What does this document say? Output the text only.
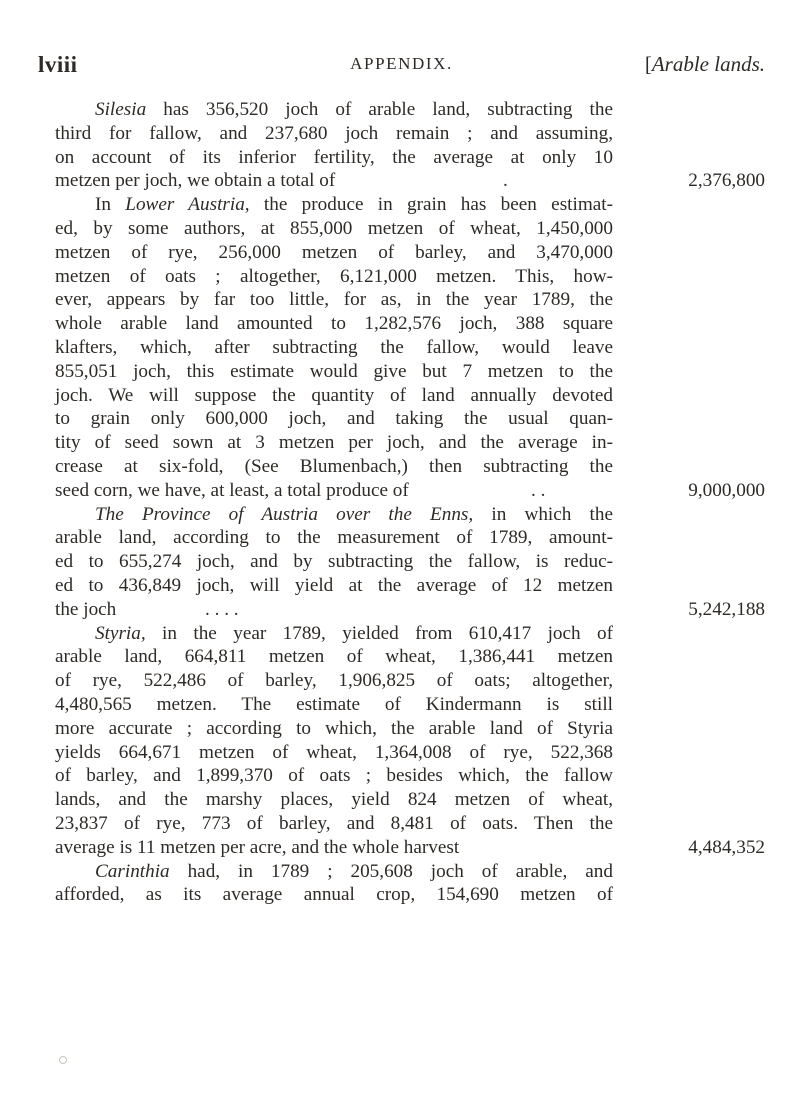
lviii	APPENDIX.	[Arable lands.
Silesia has 356,520 joch of arable land, subtracting the
third for fallow, and 237,680 joch remain ; and assuming,
on account of its inferior fertility, the average at only 10
metzen per joch, we obtain a total of	.	2,376,800
In Lower Austria, the produce in grain has been estimat-
ed, by some authors, at 855,000 metzen of wheat, 1,450,000
metzen of rye, 256,000 metzen of barley, and 3,470,000
metzen of oats ; altogether, 6,121,000 metzen. This, how-
ever, appears by far too little, for as, in the year 1789, the
whole arable land amounted to 1,282,576 joch, 388 square
klafters, which, after subtracting the fallow, would leave
855,051 joch, this estimate would give but 7 metzen to the
joch. We will suppose the quantity of land annually devoted
to grain only 600,000 joch, and taking the usual quan-
tity of seed sown at 3 metzen per joch, and the average in-
crease at six-fold, (See Blumenbach,) then subtracting the
seed corn, we have, at least, a total produce of	. .	9,000,000
The Province of Austria over the Enns, in which the
arable land, according to the measurement of 1789, amount-
ed to 655,274 joch, and by subtracting the fallow, is reduc-
ed to 436,849 joch, will yield at the average of 12 metzen
the joch	. . . .	5,242,188
Styria, in the year 1789, yielded from 610,417 joch of
arable land, 664,811 metzen of wheat, 1,386,441 metzen
of rye, 522,486 of barley, 1,906,825 of oats; altogether,
4,480,565 metzen. The estimate of Kindermann is still
more accurate ; according to which, the arable land of Styria
yields 664,671 metzen of wheat, 1,364,008 of rye, 522,368
of barley, and 1,899,370 of oats ; besides which, the fallow
lands, and the marshy places, yield 824 metzen of wheat,
23,837 of rye, 773 of barley, and 8,481 of oats. Then the
average is 11 metzen per acre, and the whole harvest	4,484,352
Carinthia had, in 1789 ; 205,608 joch of arable, and
afforded, as its average annual crop, 154,690 metzen of
